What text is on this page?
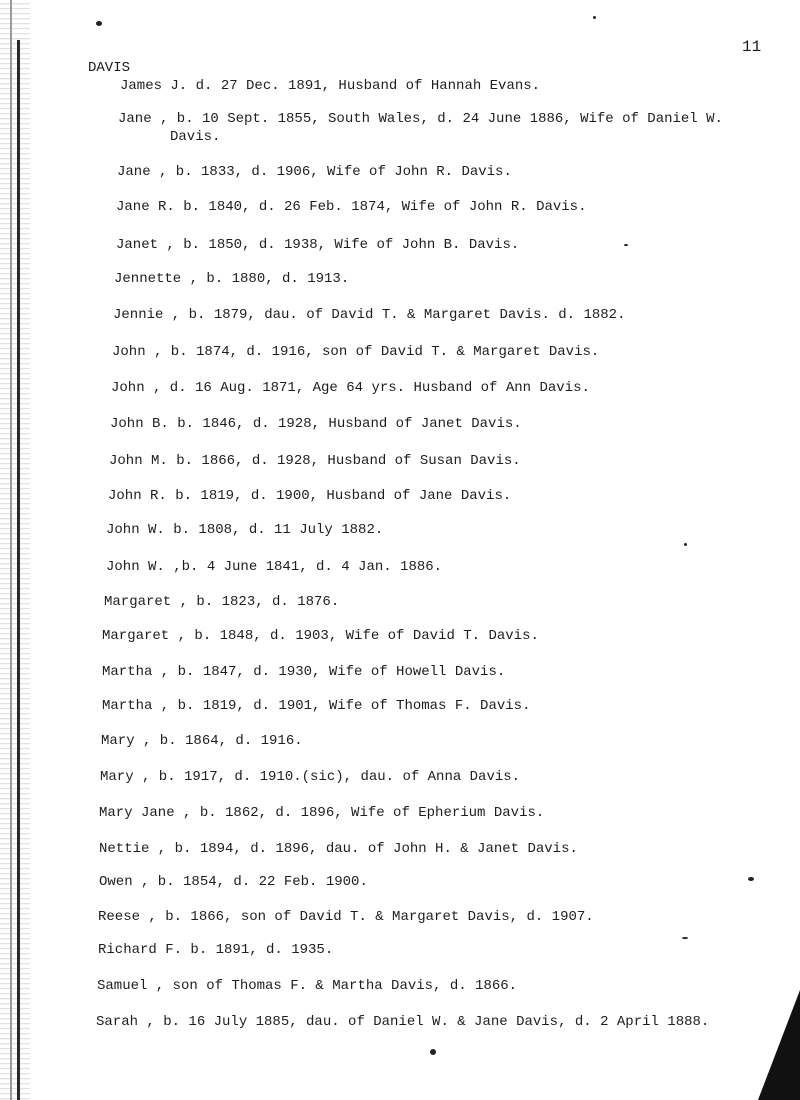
11
DAVIS
James J. d. 27 Dec. 1891, Husband of Hannah Evans.
Jane , b. 10 Sept. 1855, South Wales, d. 24 June 1886, Wife of Daniel W.
Davis.
Jane , b. 1833, d. 1906, Wife of John R. Davis.
Jane R. b. 1840, d. 26 Feb. 1874, Wife of John R. Davis.
Janet , b. 1850, d. 1938, Wife of John B. Davis.
Jennette , b. 1880, d. 1913.
Jennie , b. 1879, dau. of David T. & Margaret Davis. d. 1882.
John , b. 1874, d. 1916, son of David T. & Margaret Davis.
John , d. 16 Aug. 1871, Age 64 yrs. Husband of Ann Davis.
John B. b. 1846, d. 1928, Husband of Janet Davis.
John M. b. 1866, d. 1928, Husband of Susan Davis.
John R. b. 1819, d. 1900, Husband of Jane Davis.
John W. b. 1808, d. 11 July 1882.
John W. ,b. 4 June 1841, d. 4 Jan. 1886.
Margaret , b. 1823, d. 1876.
Margaret , b. 1848, d. 1903, Wife of David T. Davis.
Martha , b. 1847, d. 1930, Wife of Howell Davis.
Martha , b. 1819, d. 1901, Wife of Thomas F. Davis.
Mary , b. 1864, d. 1916.
Mary , b. 1917, d. 1910.(sic), dau. of Anna Davis.
Mary Jane , b. 1862, d. 1896, Wife of Epherium Davis.
Nettie , b. 1894, d. 1896, dau. of John H. & Janet Davis.
Owen , b. 1854, d. 22 Feb. 1900.
Reese , b. 1866, son of David T. & Margaret Davis, d. 1907.
Richard F. b. 1891, d. 1935.
Samuel , son of Thomas F. & Martha Davis, d. 1866.
Sarah , b. 16 July 1885, dau. of Daniel W. & Jane Davis, d. 2 April 1888.
